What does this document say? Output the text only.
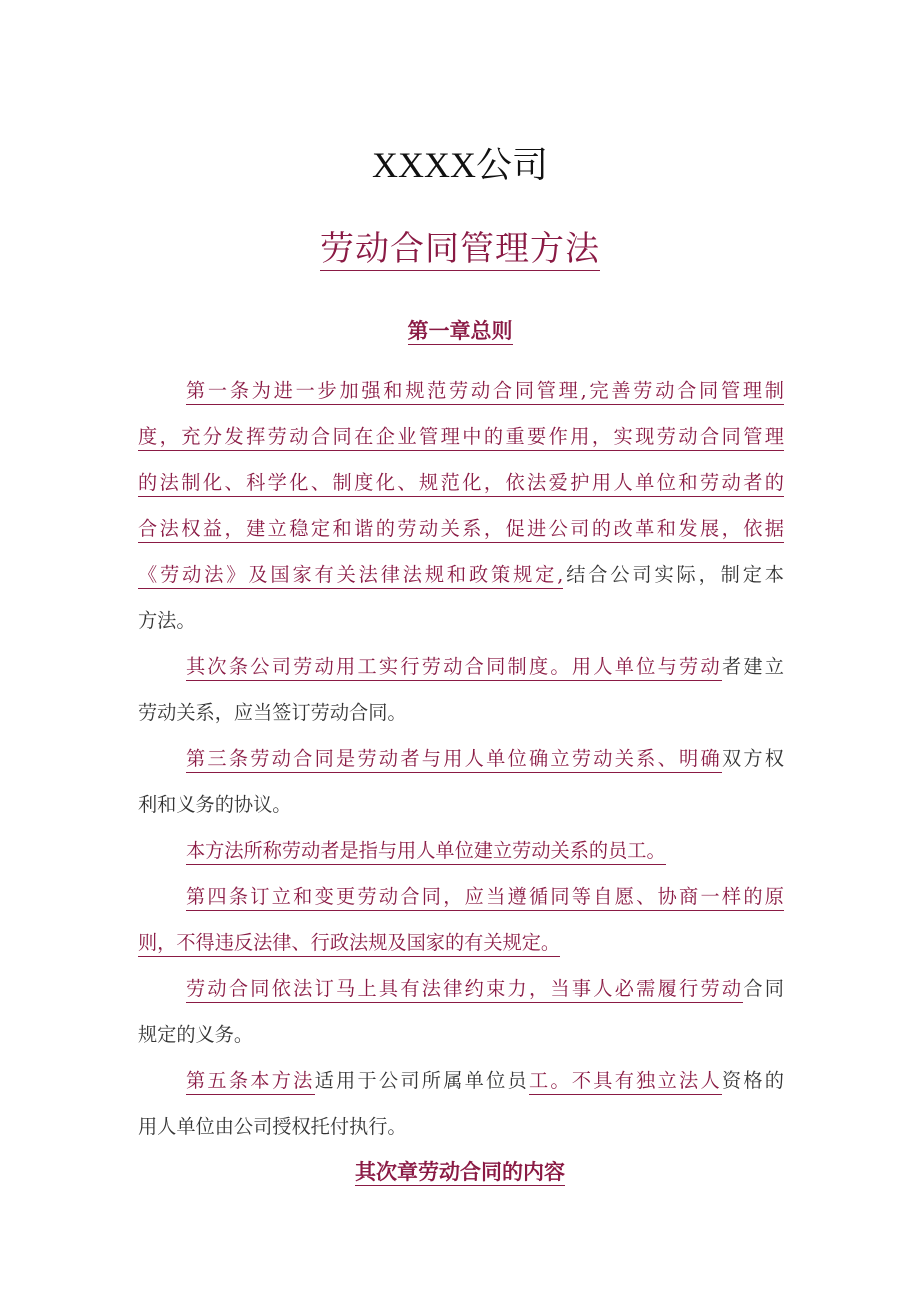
XXXX公司
劳动合同管理方法
第一章总则
第一条为进一步加强和规范劳动合同管理,完善劳动合同管理制
度，充分发挥劳动合同在企业管理中的重要作用，实现劳动合同管理
的法制化、科学化、制度化、规范化，依法爱护用人单位和劳动者的
合法权益，建立稳定和谐的劳动关系，促进公司的改革和发展，依据
《劳动法》及国家有关法律法规和政策规定,结合公司实际，制定本
方法。
其次条公司劳动用工实行劳动合同制度。用人单位与劳动者建立
劳动关系，应当签订劳动合同。
第三条劳动合同是劳动者与用人单位确立劳动关系、明确双方权
利和义务的协议。
本方法所称劳动者是指与用人单位建立劳动关系的员工。
第四条订立和变更劳动合同，应当遵循同等自愿、协商一样的原
则，不得违反法律、行政法规及国家的有关规定。
劳动合同依法订马上具有法律约束力，当事人必需履行劳动合同
规定的义务。
第五条本方法适用于公司所属单位员工。不具有独立法人资格的
用人单位由公司授权托付执行。
其次章劳动合同的内容
